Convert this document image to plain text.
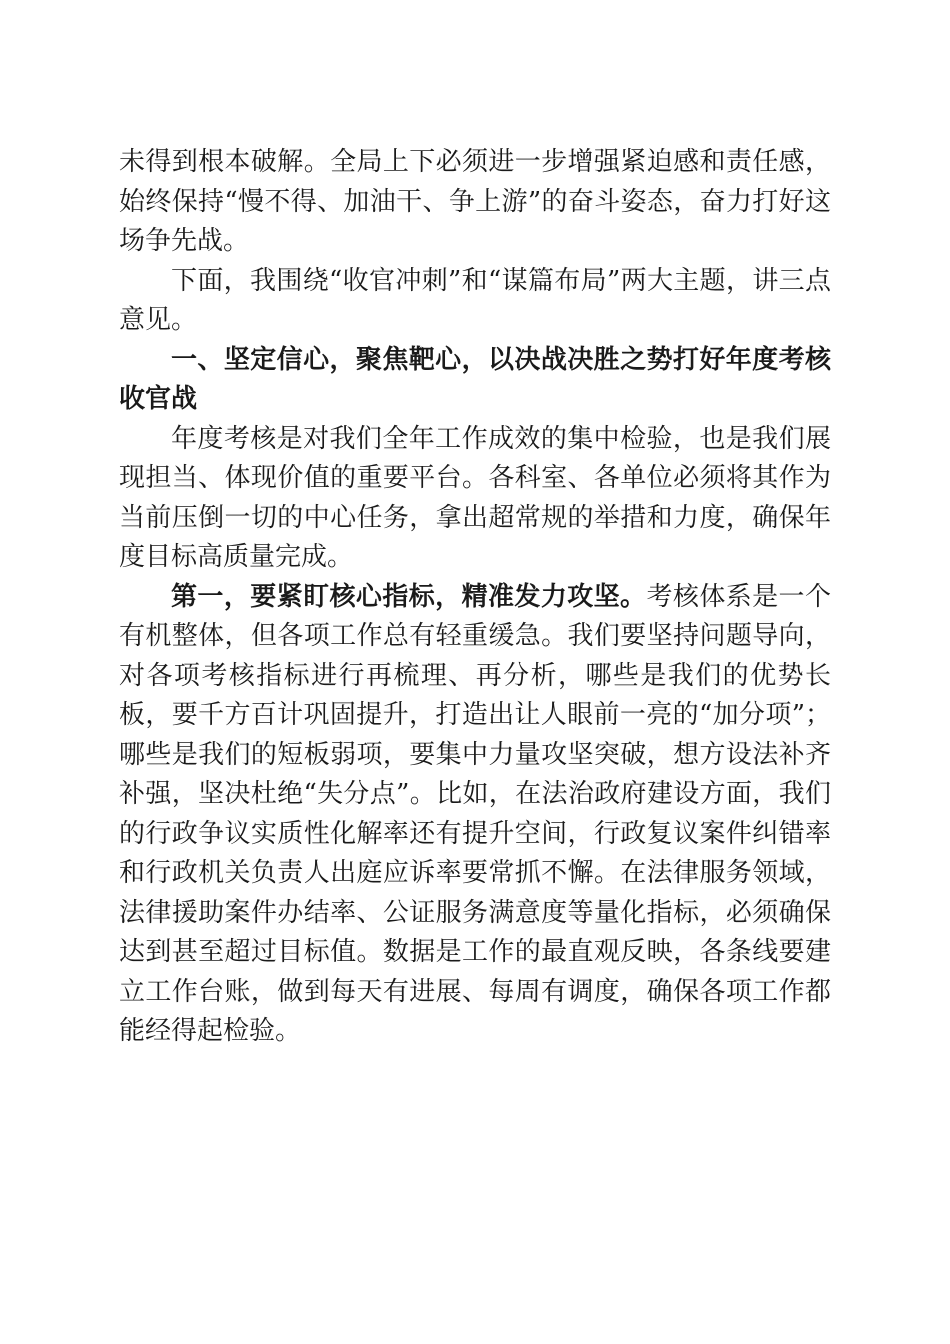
未得到根本破解。全局上下必须进一步增强紧迫感和责任感，始终保持“慢不得、加油干、争上游”的奋斗姿态，奋力打好这场争先战。

下面，我围绕“收官冲刺”和“谋篇布局”两大主题，讲三点意见。

一、坚定信心，聚焦靶心，以决战决胜之势打好年度考核收官战

年度考核是对我们全年工作成效的集中检验，也是我们展现担当、体现价值的重要平台。各科室、各单位必须将其作为当前压倒一切的中心任务，拿出超常规的举措和力度，确保年度目标高质量完成。

第一，要紧盯核心指标，精准发力攻坚。考核体系是一个有机整体，但各项工作总有轻重缓急。我们要坚持问题导向，对各项考核指标进行再梳理、再分析，哪些是我们的优势长板，要千方百计巩固提升，打造出让人眼前一亮的“加分项”；哪些是我们的短板弱项，要集中力量攻坚突破，想方设法补齐补强，坚决杜绝“失分点”。比如，在法治政府建设方面，我们的行政争议实质性化解率还有提升空间，行政复议案件纠错率和行政机关负责人出庭应诉率要常抓不懈。在法律服务领域，法律援助案件办结率、公证服务满意度等量化指标，必须确保达到甚至超过目标值。数据是工作的最直观反映，各条线要建立工作台账，做到每天有进展、每周有调度，确保各项工作都能经得起检验。
